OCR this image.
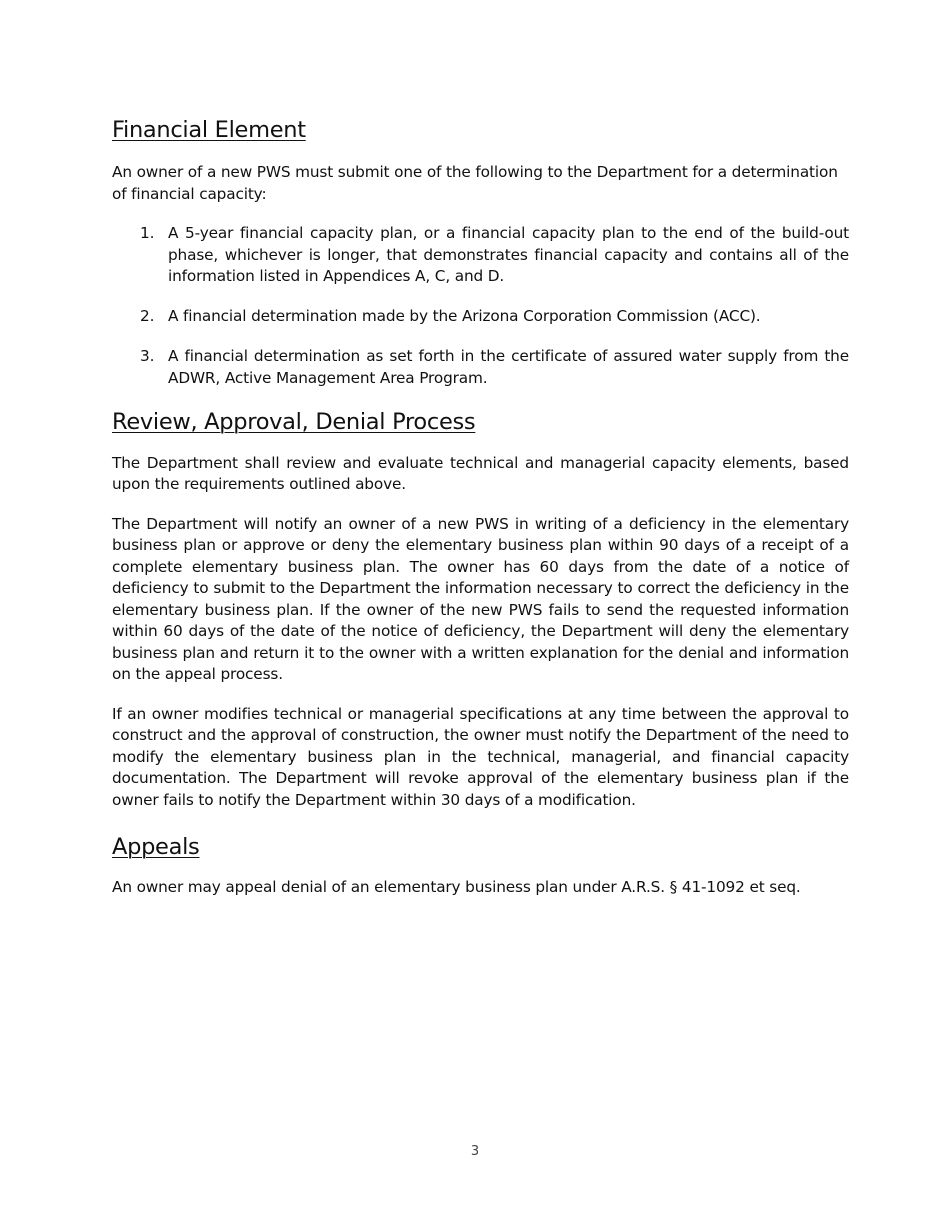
Financial Element

An owner of a new PWS must submit one of the following to the Department for a determination of financial capacity:

1. A 5-year financial capacity plan, or a financial capacity plan to the end of the build-out phase, whichever is longer, that demonstrates financial capacity and contains all of the information listed in Appendices A, C, and D.
2. A financial determination made by the Arizona Corporation Commission (ACC).
3. A financial determination as set forth in the certificate of assured water supply from the ADWR, Active Management Area Program.
Review, Approval, Denial Process

The Department shall review and evaluate technical and managerial capacity elements, based upon the requirements outlined above.

The Department will notify an owner of a new PWS in writing of a deficiency in the elementary business plan or approve or deny the elementary business plan within 90 days of a receipt of a complete elementary business plan. The owner has 60 days from the date of a notice of deficiency to submit to the Department the information necessary to correct the deficiency in the elementary business plan. If the owner of the new PWS fails to send the requested information within 60 days of the date of the notice of deficiency, the Department will deny the elementary business plan and return it to the owner with a written explanation for the denial and information on the appeal process.

If an owner modifies technical or managerial specifications at any time between the approval to construct and the approval of construction, the owner must notify the Department of the need to modify the elementary business plan in the technical, managerial, and financial capacity documentation. The Department will revoke approval of the elementary business plan if the owner fails to notify the Department within 30 days of a modification.

Appeals

An owner may appeal denial of an elementary business plan under A.R.S. § 41-1092 et seq.

3
